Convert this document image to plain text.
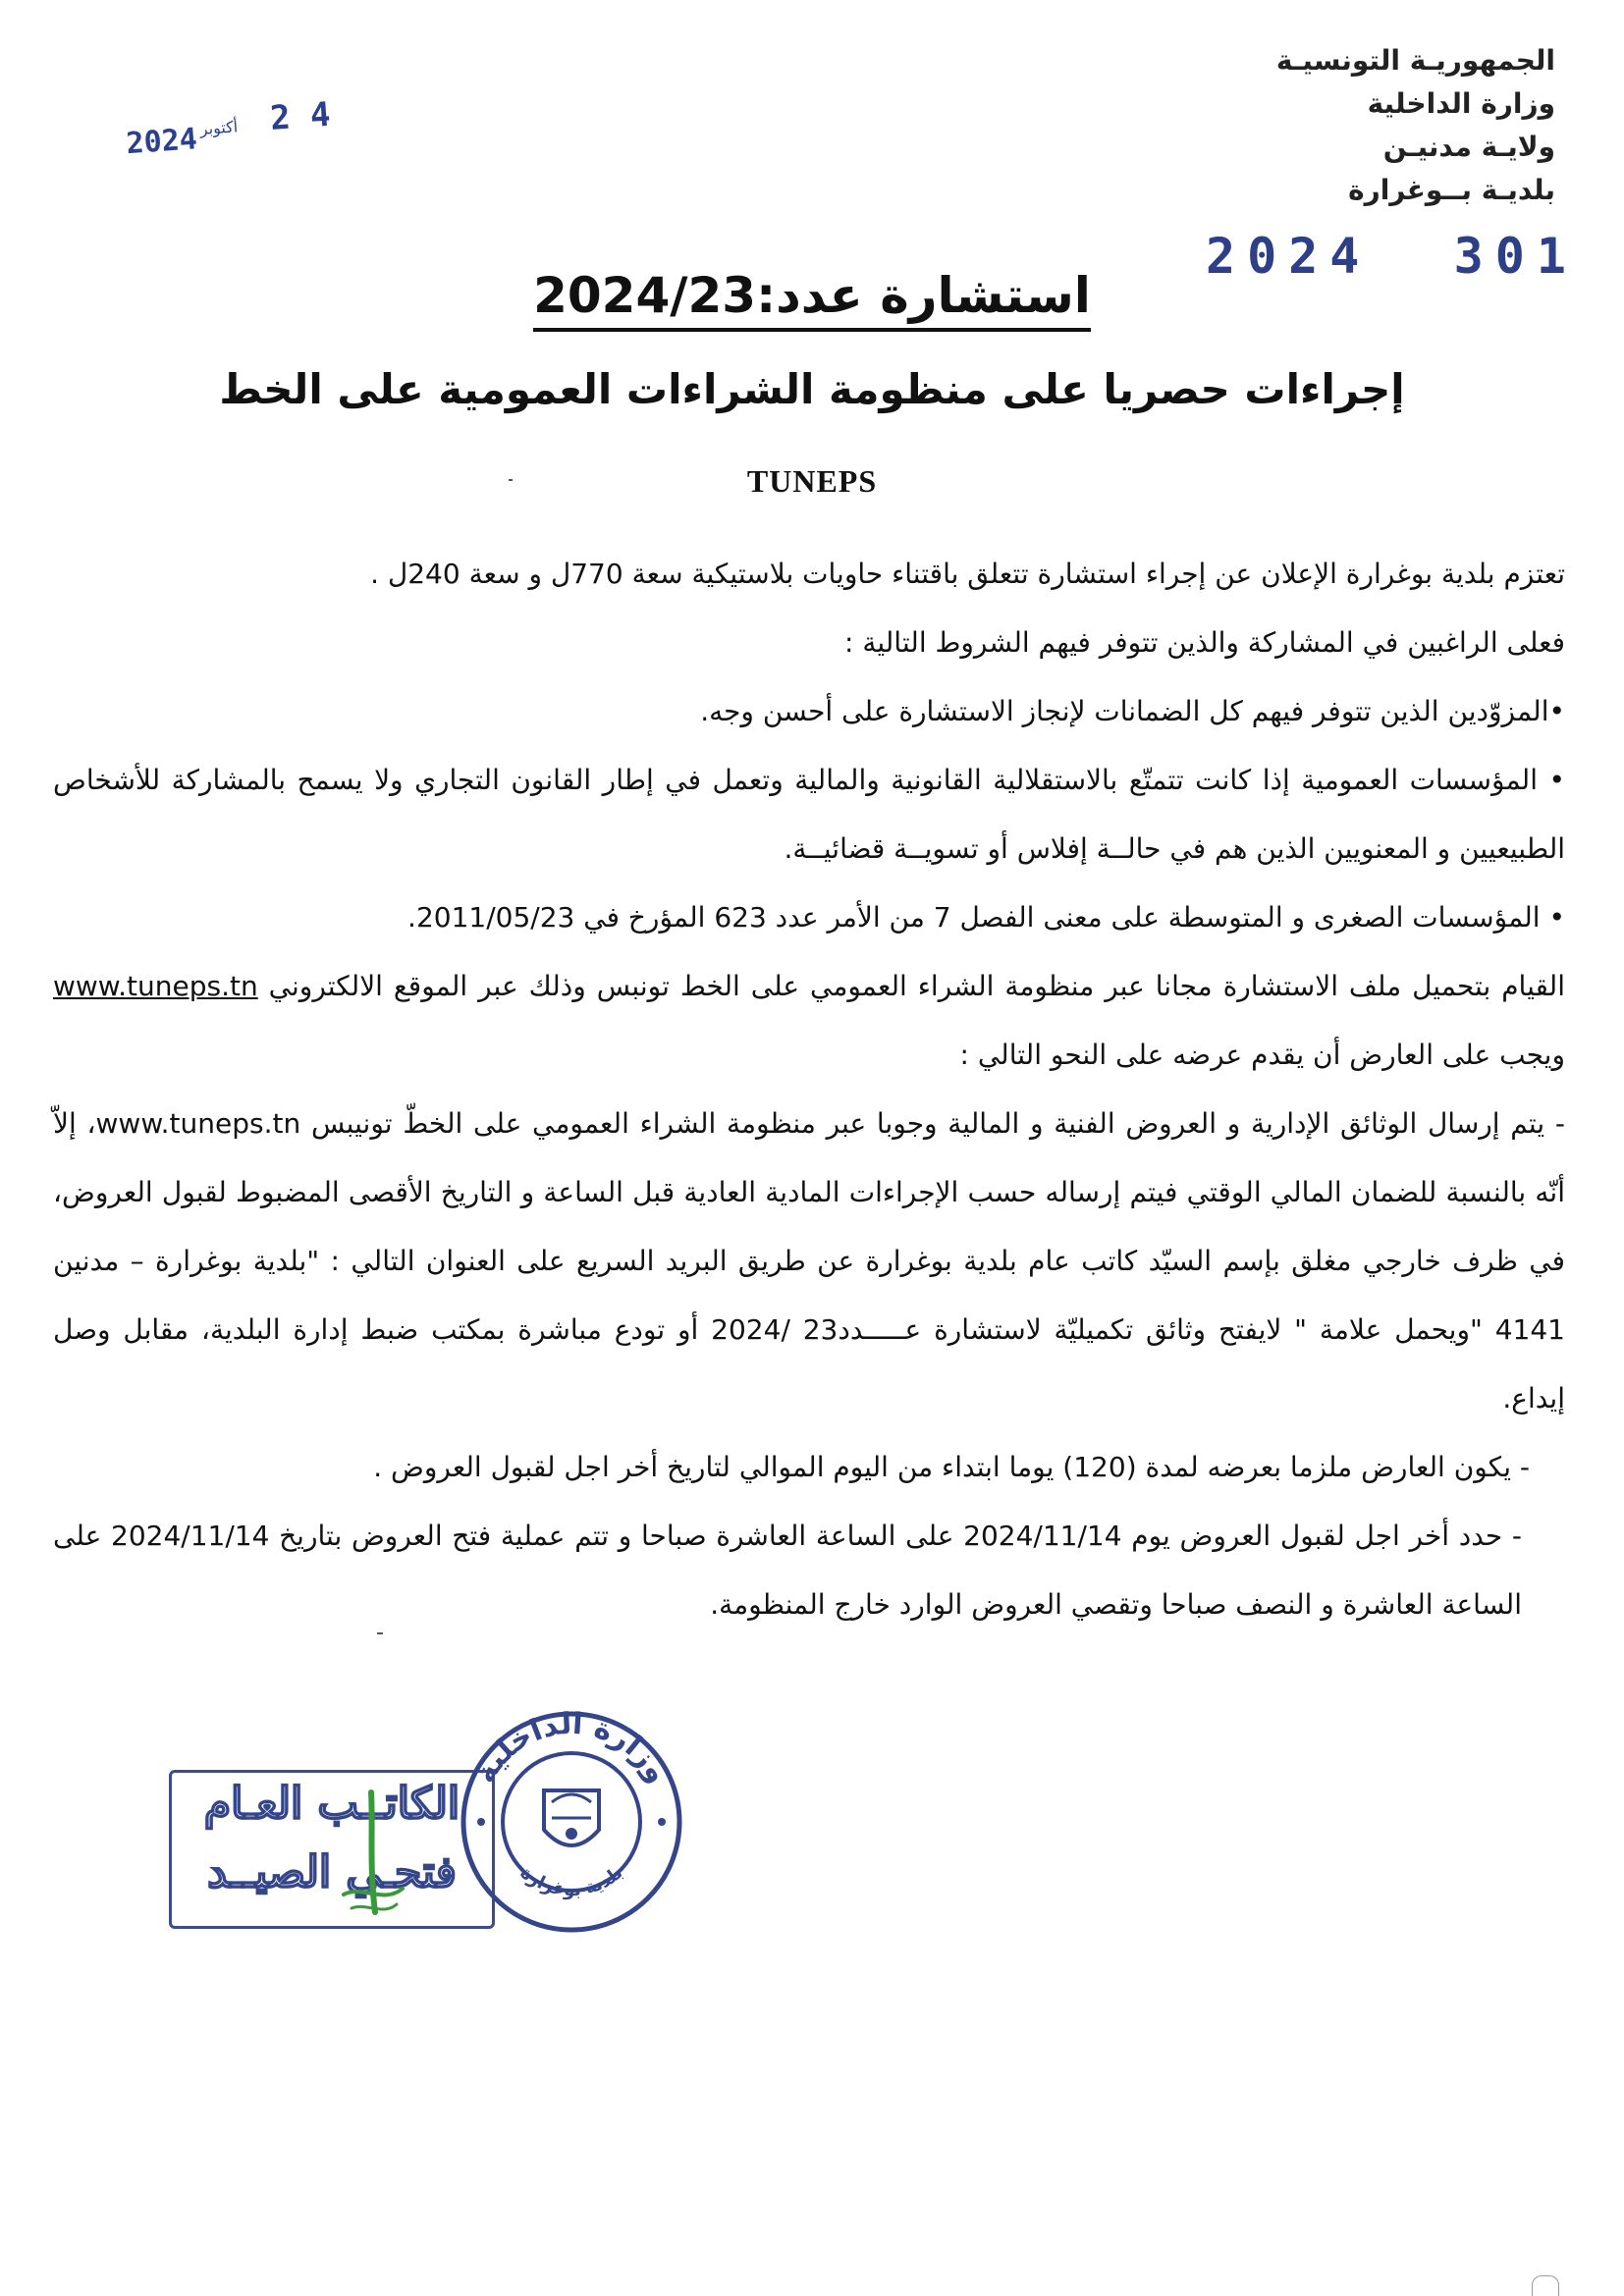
الجمهوريـة التونسيـة
وزارة الداخلية
ولايـة مدنيـن
بلديـة بــوغرارة
2024 أكتوبر 2 4
2024  301
استشارة عدد:2024/23
إجراءات حصريا على منظومة الشراءات العمومية على الخط
TUNEPS

تعتزم بلدية بوغرارة الإعلان عن إجراء استشارة تتعلق باقتناء حاويات بلاستيكية سعة 770ل و سعة 240ل .

فعلى الراغبين في المشاركة والذين تتوفر فيهم الشروط التالية :

•المزوّدين الذين تتوفر فيهم كل الضمانات لإنجاز الاستشارة على أحسن وجه.

• المؤسسات العمومية إذا كانت تتمتّع بالاستقلالية القانونية والمالية وتعمل في إطار القانون التجاري ولا يسمح بالمشاركة للأشخاص الطبيعيين و المعنويين الذين هم في حالــة إفلاس أو تسويــة قضائيــة.

• المؤسسات الصغرى و المتوسطة على معنى الفصل 7 من الأمر عدد 623 المؤرخ في 2011/05/23.

القيام بتحميل ملف الاستشارة مجانا عبر منظومة الشراء العمومي على الخط تونبس وذلك عبر الموقع الالكتروني www.tuneps.tn ويجب على العارض أن يقدم عرضه على النحو التالي :

- يتم إرسال الوثائق الإدارية و العروض الفنية و المالية وجوبا عبر منظومة الشراء العمومي على الخطّ تونيبس www.tuneps.tn، إلاّ أنّه بالنسبة للضمان المالي الوقتي فيتم إرساله حسب الإجراءات المادية العادية قبل الساعة و التاريخ الأقصى المضبوط لقبول العروض، في ظرف خارجي مغلق بإسم السيّد كاتب عام بلدية بوغرارة عن طريق البريد السريع على العنوان التالي : "بلدية بوغرارة – مدنين 4141 "ويحمل علامة " لايفتح وثائق تكميليّة لاستشارة عـــــدد23 /2024 أو تودع مباشرة بمكتب ضبط إدارة البلدية، مقابل وصل إيداع.

- يكون العارض ملزما بعرضه لمدة (120) يوما ابتداء من اليوم الموالي لتاريخ أخر اجل لقبول العروض .

- حدد أخر اجل لقبول العروض يوم 2024/11/14 على الساعة العاشرة صباحا و تتم عملية فتح العروض بتاريخ 2024/11/14 على الساعة العاشرة و النصف صباحا وتقصي العروض الوارد خارج المنظومة.

الكاتــب العـام
فتحـي الصيــد
وزارة الداخلية
بلدية بوغرارة
